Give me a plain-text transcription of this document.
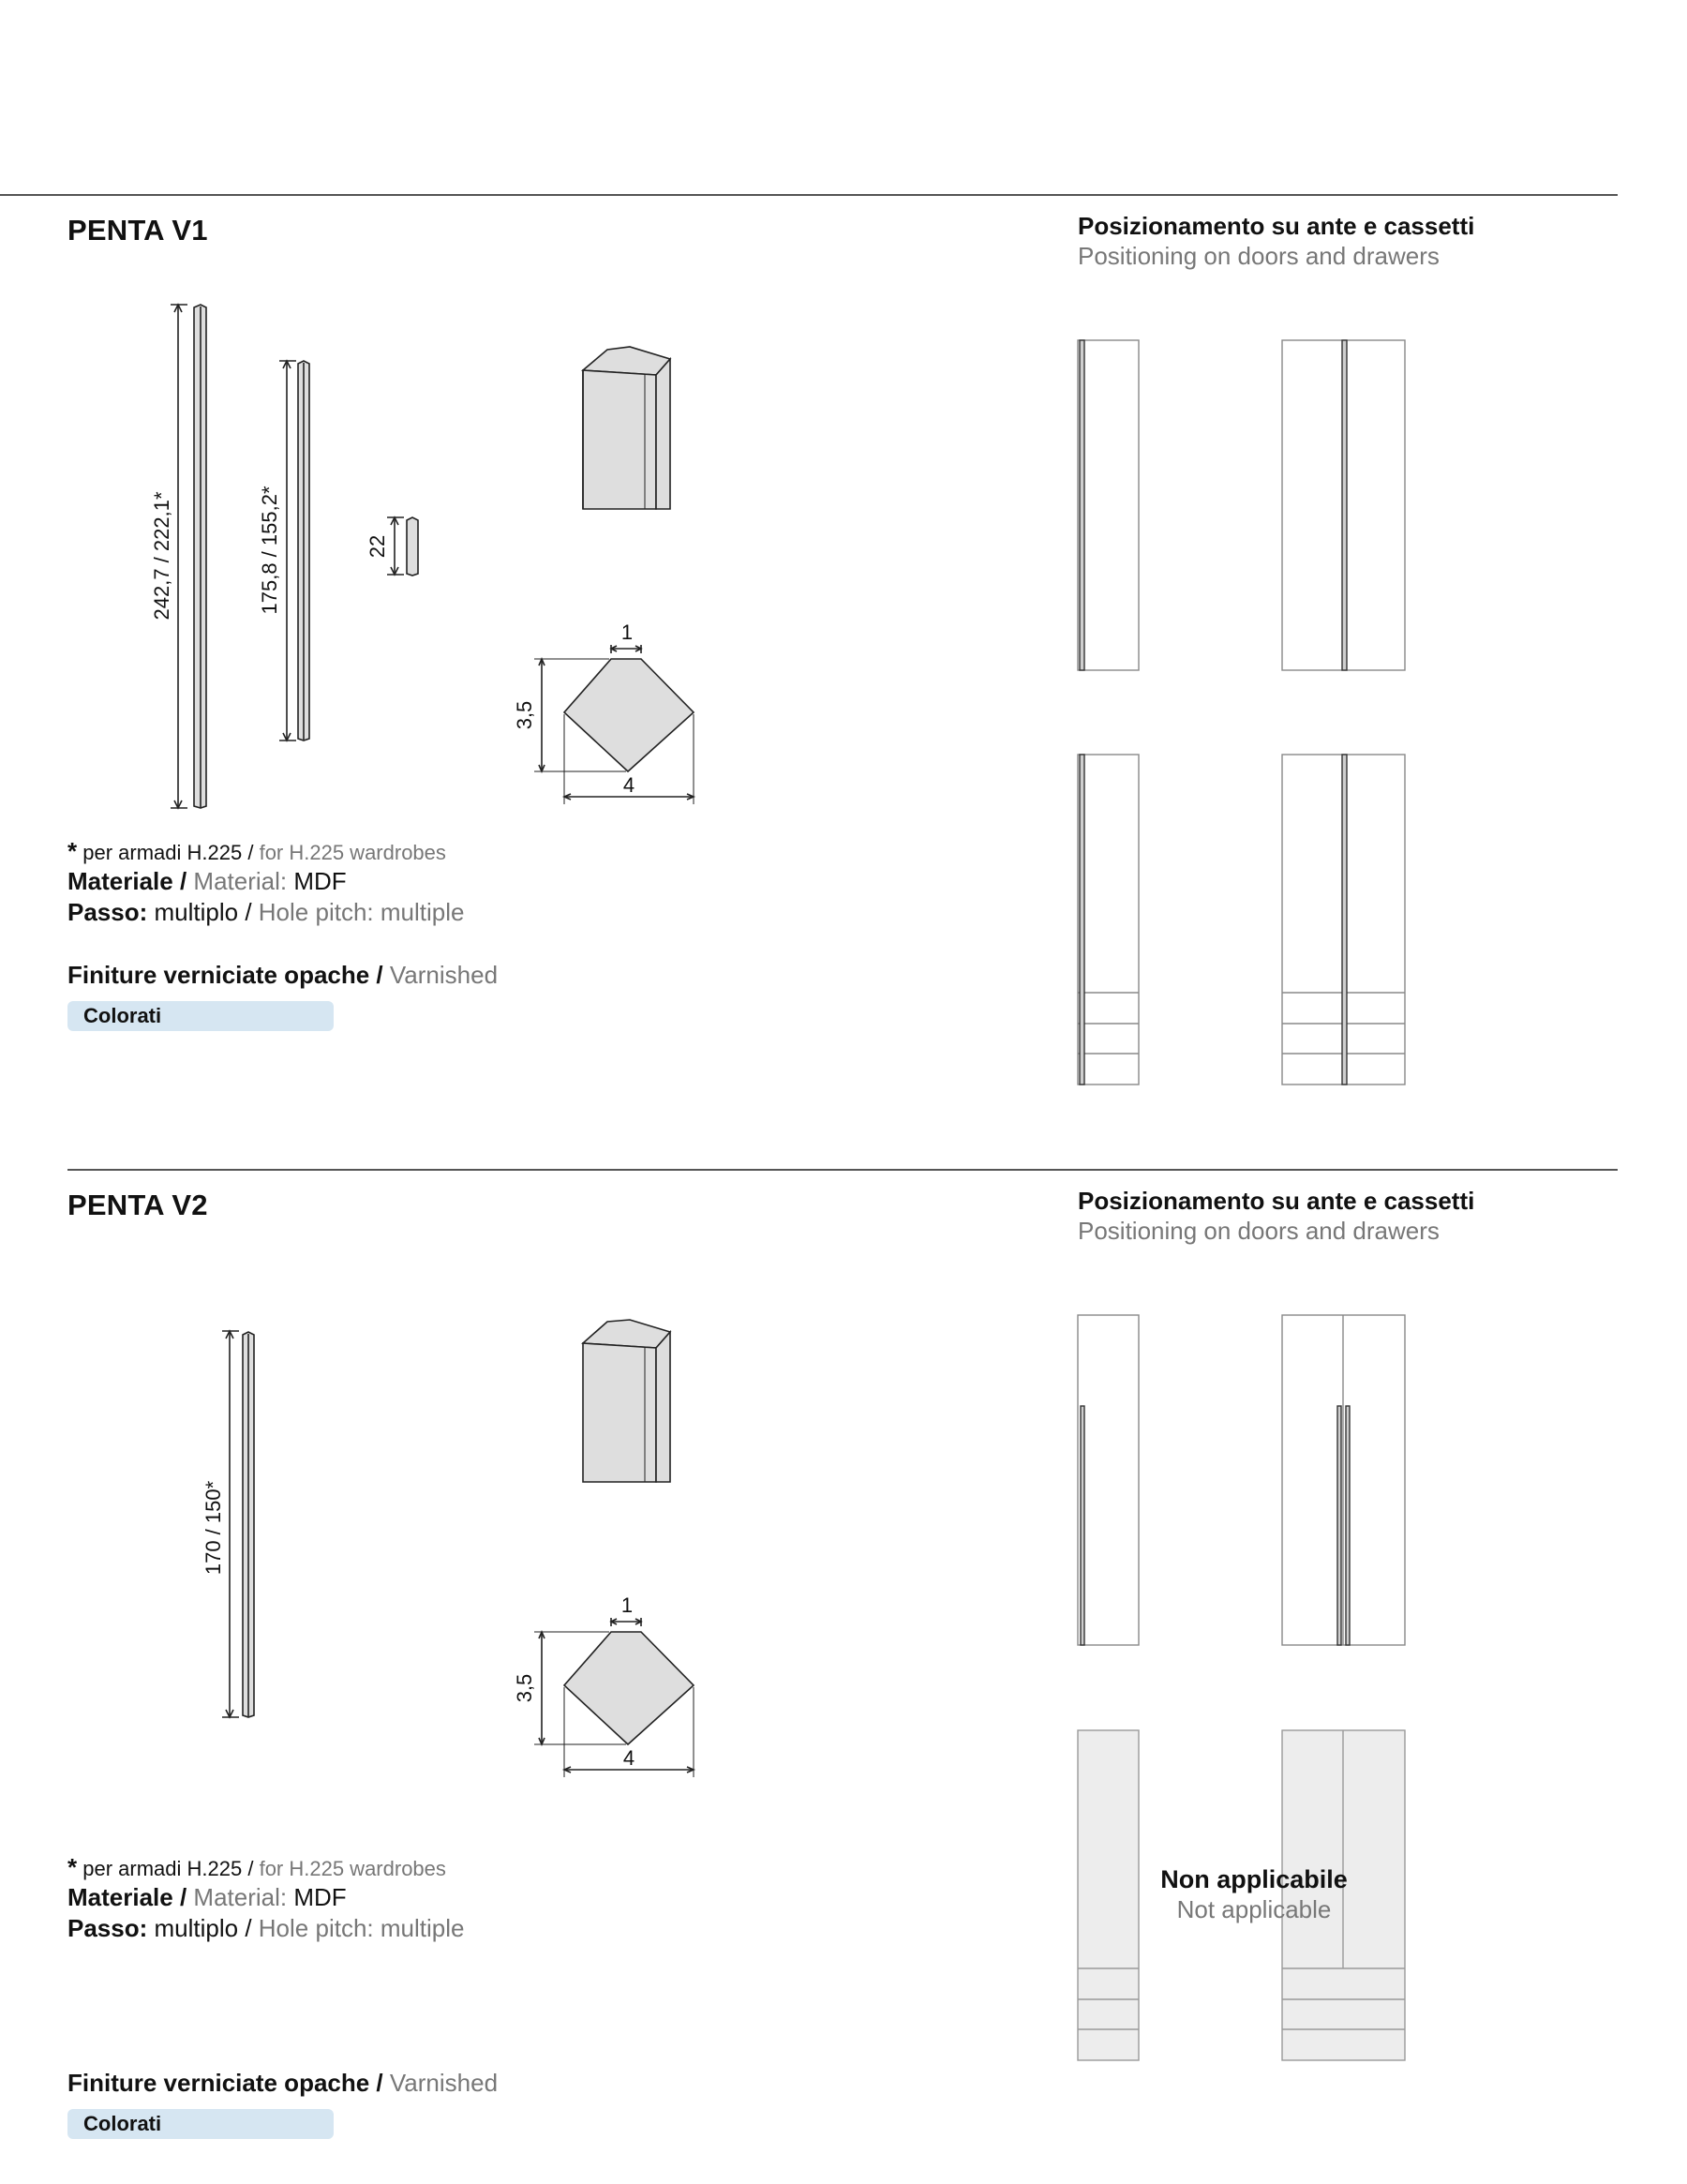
PENTA V1	Posizionamento su ante e cassetti
Positioning on doors and drawers
242,7 / 222,1*	175,8 / 155,2*	22
1
3,5
4
* per armadi H.225 / for H.225 wardrobes
Materiale / Material: MDF
Passo: multiplo / Hole pitch: multiple
Finiture verniciate opache / Varnished
Colorati
PENTA V2	Posizionamento su ante e cassetti
Positioning on doors and drawers
170 / 150*
1
3,5
4
Non applicabile
Not applicable
* per armadi H.225 / for H.225 wardrobes
Materiale / Material: MDF
Passo: multiplo / Hole pitch: multiple
Finiture verniciate opache / Varnished
Colorati
